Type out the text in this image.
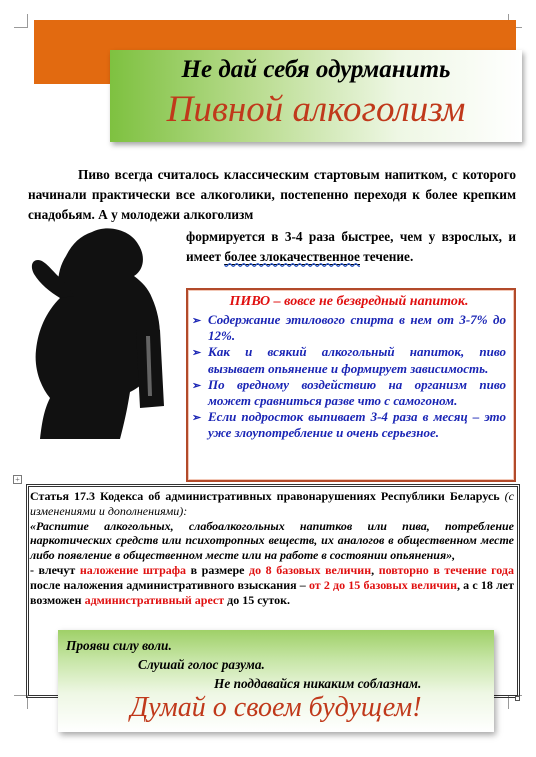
Не дай себя одурманить
Пивной алкоголизм

Пиво всегда считалось классическим стартовым напитком, с которого начинали практически все алкоголики, постепенно переходя к более крепким снадобьям. А у молодежи алкоголизм

формируется в 3-4 раза быстрее, чем у взрослых, и имеет более злокачественное течение.
ПИВО – вовсе не безвредный напиток.
➢ Содержание этилового спирта в нем от 3-7% до 12%.
➢ Как и всякий алкогольный напиток, пиво вызывает опьянение и формирует зависимость.
➢ По вредному воздействию на организм пиво может сравниться разве что с самогоном.
➢ Если подросток выпивает 3-4 раза в месяц – это уже злоупотребление и очень серьезное.
+
Статья 17.3 Кодекса об административных правонарушениях Республики Беларусь (с изменениями и дополнениями):
«Распитие алкогольных, слабоалкогольных напитков или пива, потребление наркотических средств или психотропных веществ, их аналогов в общественном месте либо появление в общественном месте или на работе в состоянии опьянения»,
- влечут наложение штрафа в размере до 8 базовых величин, повторно в течение года после наложения административного взыскания – от 2 до 15 базовых величин, а с 18 лет возможен административный арест до 15 суток.
Прояви силу воли.
Слушай голос разума.
Не поддавайся никаким соблазнам.
Думай о своем будущем!
